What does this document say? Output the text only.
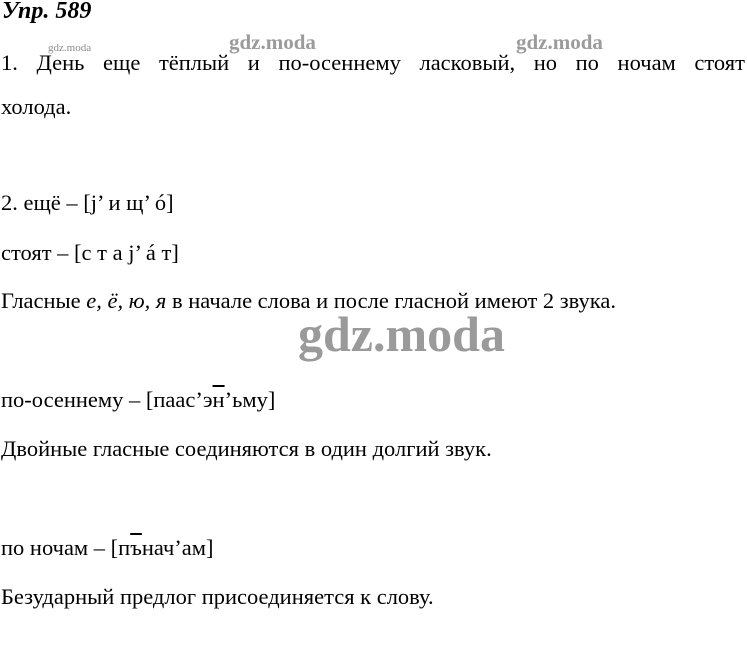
Упр. 589
gdz.moda	gdz.moda	gdz.moda

1. День еще тёплый и по-осеннему ласковый, но по ночам стоят

холода.

2. ещё – [j’ и щ’ ó]

стоят – [с т а j’ á т]

Гласные е, ё, ю, я в начале слова и после гласной имеют 2 звука.

gdz.moda

по-осеннему – [паас’эн’ьму]

Двойные гласные соединяются в один долгий звук.

по ночам – [пънач’ам]

Безударный предлог присоединяется к слову.
